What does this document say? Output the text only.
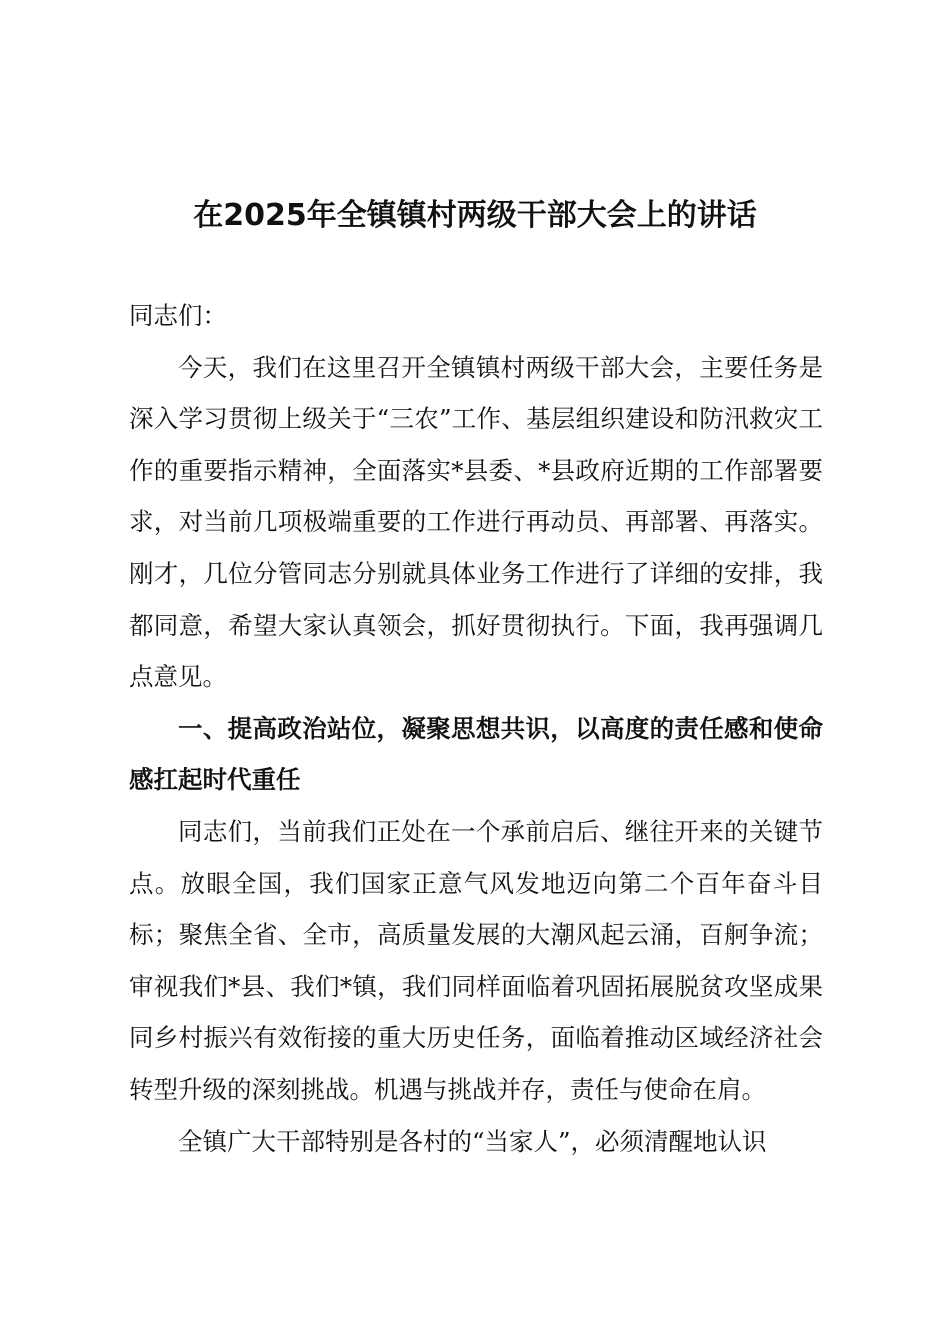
在2025年全镇镇村两级干部大会上的讲话

同志们：

今天，我们在这里召开全镇镇村两级干部大会，主要任务是深入学习贯彻上级关于“三农”工作、基层组织建设和防汛救灾工作的重要指示精神，全面落实*县委、*县政府近期的工作部署要求，对当前几项极端重要的工作进行再动员、再部署、再落实。刚才，几位分管同志分别就具体业务工作进行了详细的安排，我都同意，希望大家认真领会，抓好贯彻执行。下面，我再强调几点意见。

一、提高政治站位，凝聚思想共识，以高度的责任感和使命感扛起时代重任

同志们，当前我们正处在一个承前启后、继往开来的关键节点。放眼全国，我们国家正意气风发地迈向第二个百年奋斗目标；聚焦全省、全市，高质量发展的大潮风起云涌，百舸争流；审视我们*县、我们*镇，我们同样面临着巩固拓展脱贫攻坚成果同乡村振兴有效衔接的重大历史任务，面临着推动区域经济社会转型升级的深刻挑战。机遇与挑战并存，责任与使命在肩。

全镇广大干部特别是各村的“当家人”，必须清醒地认识
